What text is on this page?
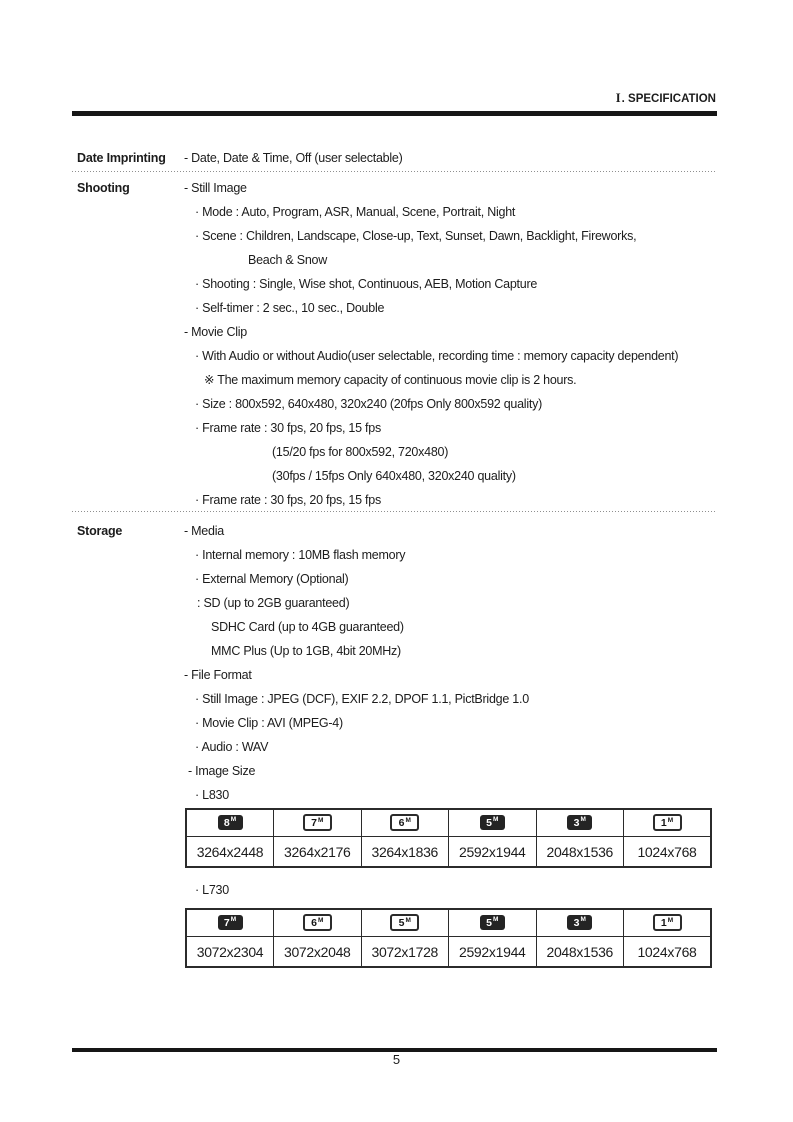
I. SPECIFICATION
Date Imprinting - Date, Date & Time, Off (user selectable)
Shooting	- Still Image
· Mode : Auto, Program, ASR, Manual, Scene, Portrait, Night
· Scene : Children, Landscape, Close-up, Text, Sunset, Dawn, Backlight, Fireworks,
Beach & Snow
· Shooting : Single, Wise shot, Continuous, AEB, Motion Capture
· Self-timer : 2 sec., 10 sec., Double
- Movie Clip
· With Audio or without Audio(user selectable, recording time : memory capacity dependent)
※ The maximum memory capacity of continuous movie clip is 2 hours.
· Size : 800x592, 640x480, 320x240 (20fps Only 800x592 quality)
· Frame rate : 30 fps, 20 fps, 15 fps
(15/20 fps for 800x592, 720x480)
(30fps / 15fps Only 640x480, 320x240 quality)
· Frame rate : 30 fps, 20 fps, 15 fps
Storage	- Media
· Internal memory : 10MB flash memory
· External Memory (Optional)
: SD (up to 2GB guaranteed)
SDHC Card (up to 4GB guaranteed)
MMC Plus (Up to 1GB, 4bit 20MHz)
- File Format
· Still Image : JPEG (DCF), EXIF 2.2, DPOF 1.1, PictBridge 1.0
· Movie Clip : AVI (MPEG-4)
· Audio : WAV
- Image Size
· L830
8 M	7 M	6 M	5 M	3 M	1 M

3264x2448	3264x2176	3264x1836	2592x1944	2048x1536	1024x768
· L730
7 M	6 M	5 M	5 M	3 M	1 M

3072x2304	3072x2048	3072x1728	2592x1944	2048x1536	1024x768
5
